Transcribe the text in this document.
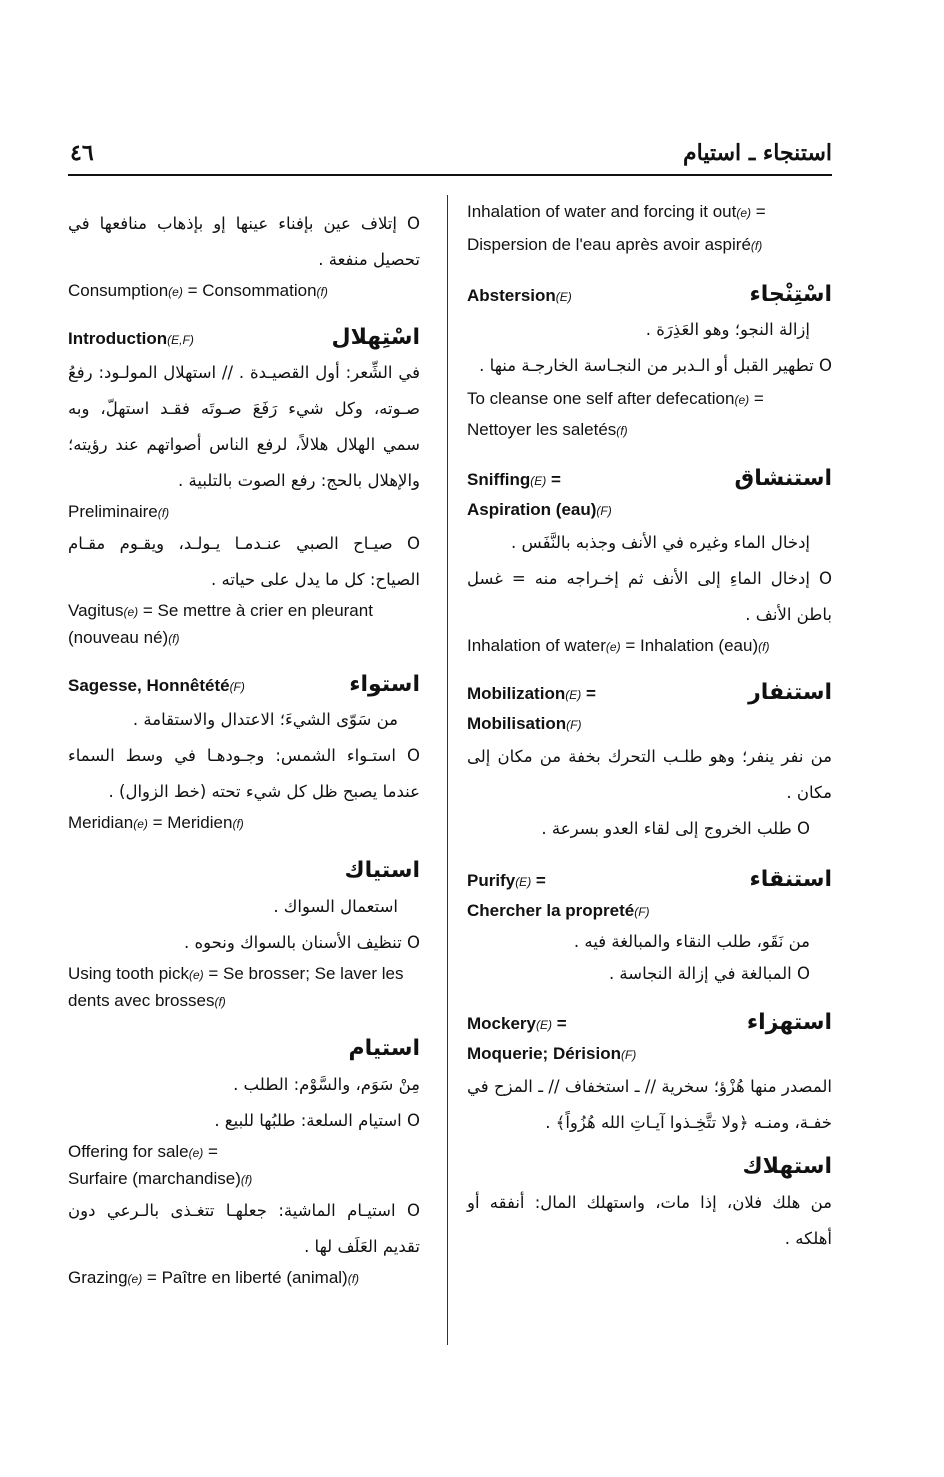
استنجاء ـ استيام
٤٦

O إتلاف عين بإفناء عينها إو بإذهاب منافعها في تحصيل منفعة .

Consumption(e) = Consommation(f)

Introduction(E,F)	اسْتِهلال

في الشِّعر: أول القصيـدة . // استهلال المولـود: رفعُ صـوته، وكل شيء رَفَعَ صـوتَه فقـد استهلّ، وبه سمي الهلال هلالاً، لرفع الناس أصواتهم عند رؤيته؛ والإهلال بالحج: رفع الصوت بالتلبية .

Preliminaire(f)

O صيـاح الصبي عنـدمـا يـولـد، ويقـوم مقـام الصياح: كل ما يدل على حياته .

Vagitus(e) = Se mettre à crier en pleurant (nouveau né)(f)

Sagesse, Honnêtété(F)	استواء

من سَوّى الشيءَ؛ الاعتدال والاستقامة .

O استـواء الشمس: وجـودهـا في وسط السماء عندما يصبح ظل كل شيء تحته (خط الزوال) .

Meridian(e) = Meridien(f)

استياك

استعمال السواك .

O تنظيف الأسنان بالسواك ونحوه .

Using tooth pick(e) = Se brosser; Se laver les dents avec brosses(f)

استيام

مِنْ سَوَم، والسَّوْم: الطلب .

O استيام السلعة: طلبُها للبيع .

Offering for sale(e) =

Surfaire (marchandise)(f)

O استيـام الماشية: جعلهـا تتغـذى بالـرعي دون تقديم العَلَف لها .

Grazing(e) = Paître en liberté (animal)(f)

Inhalation of water and forcing it out(e) =

Dispersion de l'eau après avoir aspiré(f)

Abstersion(E)	اسْتِنْجاء

إزالة النجو؛ وهو العَذِرَة .

O تطهير القبل أو الـدبر من النجـاسة الخارجـة منها .

To cleanse one self after defecation(e) =

Nettoyer les saletés(f)

Sniffing(E) =	استنشاق

Aspiration (eau)(F)

إدخال الماء وغيره في الأنف وجذبه بالنَّفَس .

O إدخال الماءِ إلى الأنف ثم إخـراجه منه = غسل باطن الأنف .

Inhalation of water(e) = Inhalation (eau)(f)

Mobilization(E) =	استنفار

Mobilisation(F)

من نفر ينفر؛ وهو طلـب التحرك بخفة من مكان إلى مكان .

O طلب الخروج إلى لقاء العدو بسرعة .

Purify(E) =	استنقاء

Chercher la propreté(F)

من نَقَو، طلب النقاء والمبالغة فيه .

O المبالغة في إزالة النجاسة .

Mockery(E) =	استهزاء

Moquerie; Dérision(F)

المصدر منها هُزْؤ؛ سخرية // ـ استخفاف // ـ المزح في خفـة، ومنـه ﴿ولا تتَّخِـذوا آيـاتِ الله هُزُواً﴾ .

استهلاك

من هلك فلان، إذا مات، واستهلك المال: أنفقه أو أهلكه .
